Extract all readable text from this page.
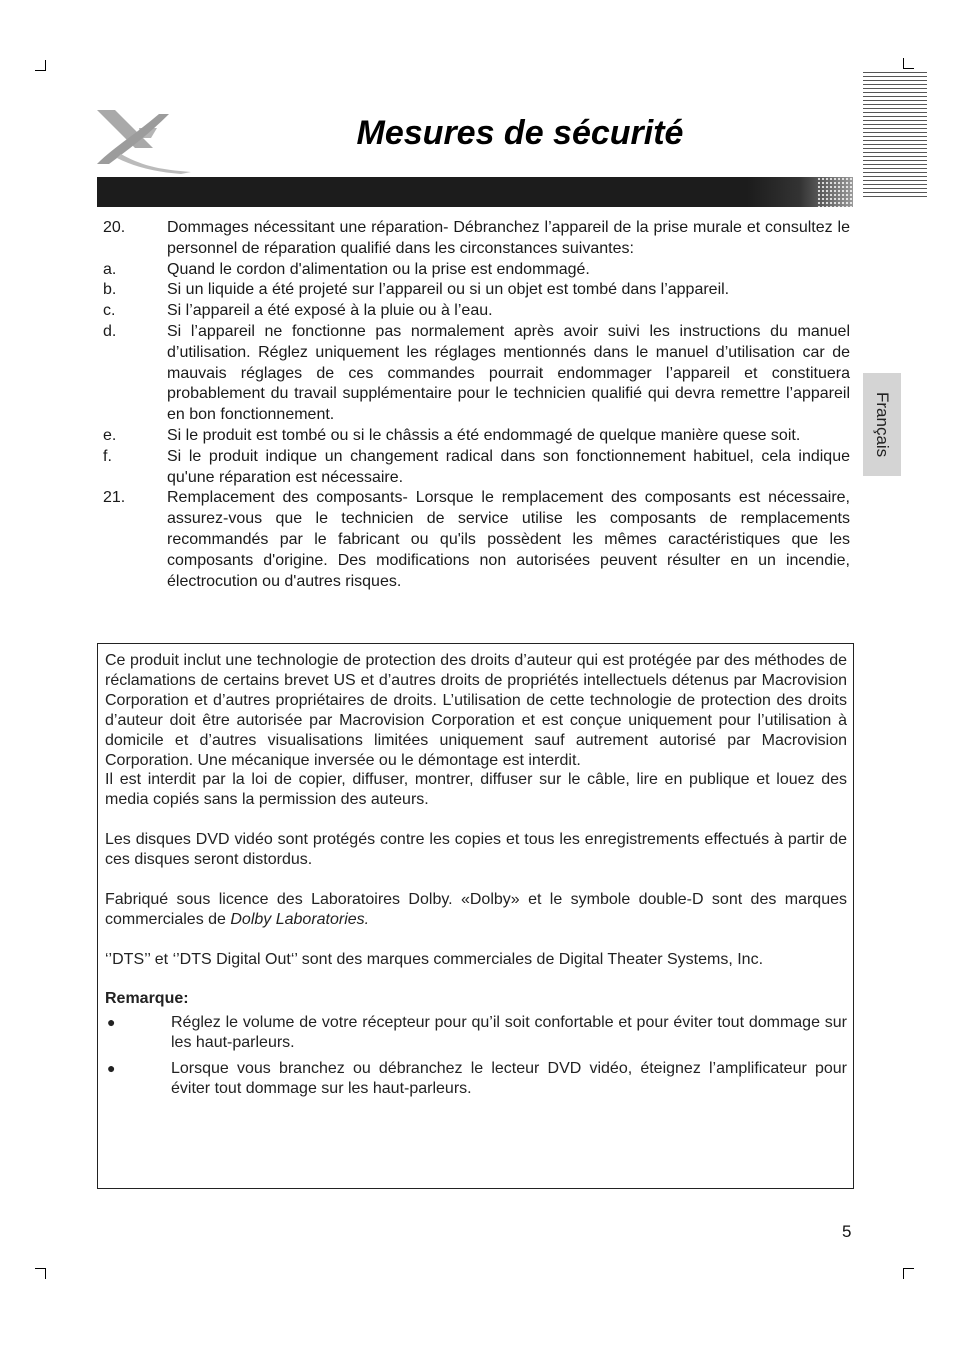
Mesures de sécurité
Français
20.	Dommages nécessitant une réparation- Débranchez l’appareil de la prise murale et consultez le personnel de réparation qualifié dans les circonstances suivantes:
a.	Quand le cordon d'alimentation ou la prise est endommagé.
b.	Si un liquide a été projeté sur l’appareil ou si un objet est tombé dans l’appareil.
c.	Si l’appareil a été exposé à la pluie ou à l’eau.
d.	Si l’appareil ne fonctionne pas normalement après avoir suivi les instructions du manuel d’utilisation. Réglez uniquement les réglages mentionnés dans le manuel d’utilisation car de mauvais réglages de ces commandes pourrait endommager l’appareil et constituera probablement du travail supplémentaire pour le technicien qualifié qui devra remettre l’appareil en bon fonctionnement.
e.	Si le produit est tombé ou si le châssis a été endommagé de quelque manière quese soit.
f.	Si le produit indique un changement radical dans son fonctionnement habituel, cela indique qu'une réparation est nécessaire.
21.	Remplacement des composants- Lorsque le remplacement des composants est nécessaire, assurez-vous que le technicien de service utilise les composants de remplacements recommandés par le fabricant ou qu'ils possèdent les mêmes caractéristiques que les composants d'origine. Des modifications non autorisées peuvent résulter en un incendie, électrocution ou d'autres risques.

Ce produit inclut une technologie de protection des droits d’auteur qui est protégée par des méthodes de réclamations de certains brevet US et d’autres droits de propriétés intellectuels détenus par Macrovision Corporation et d’autres propriétaires de droits. L’utilisation de cette technologie de protection des droits d’auteur doit être autorisée par Macrovision Corporation et est conçue uniquement pour l’utilisation à domicile et d’autres visualisations limitées uniquement sauf autrement autorisé par Macrovision Corporation. Une mécanique inversée ou le démontage est interdit.

Il est interdit par la loi de copier, diffuser, montrer, diffuser sur le câble, lire en publique et louez des media copiés sans la permission des auteurs.

Les disques DVD vidéo sont protégés contre les copies et tous les enregistrements effectués à partir de ces disques seront distordus.

Fabriqué sous licence des Laboratoires Dolby. «Dolby» et le symbole double-D sont des marques commerciales de Dolby Laboratories.

‘’DTS’’ et ‘’DTS Digital Out‘’ sont des marques commerciales de Digital Theater Systems, Inc.

Remarque:

●	Réglez le volume de votre récepteur pour qu’il soit confortable et pour éviter tout dommage sur les haut-parleurs.
●	Lorsque vous branchez ou débranchez le lecteur DVD vidéo, éteignez l’amplificateur pour éviter tout dommage sur les haut-parleurs.
5
